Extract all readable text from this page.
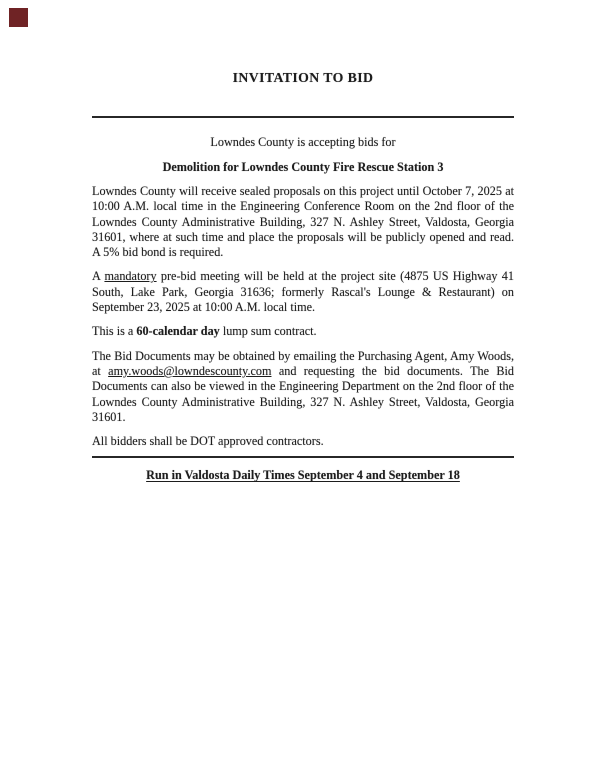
INVITATION TO BID

Lowndes County is accepting bids for

Demolition for Lowndes County Fire Rescue Station 3

Lowndes County will receive sealed proposals on this project until October 7, 2025 at 10:00 A.M. local time in the Engineering Conference Room on the 2nd floor of the Lowndes County Administrative Building, 327 N. Ashley Street, Valdosta, Georgia 31601, where at such time and place the proposals will be publicly opened and read. A 5% bid bond is required.

A mandatory pre-bid meeting will be held at the project site (4875 US Highway 41 South, Lake Park, Georgia 31636; formerly Rascal's Lounge & Restaurant) on September 23, 2025 at 10:00 A.M. local time.

This is a 60-calendar day lump sum contract.

The Bid Documents may be obtained by emailing the Purchasing Agent, Amy Woods, at amy.woods@lowndescounty.com and requesting the bid documents. The Bid Documents can also be viewed in the Engineering Department on the 2nd floor of the Lowndes County Administrative Building, 327 N. Ashley Street, Valdosta, Georgia 31601.

All bidders shall be DOT approved contractors.

Run in Valdosta Daily Times September 4 and September 18
